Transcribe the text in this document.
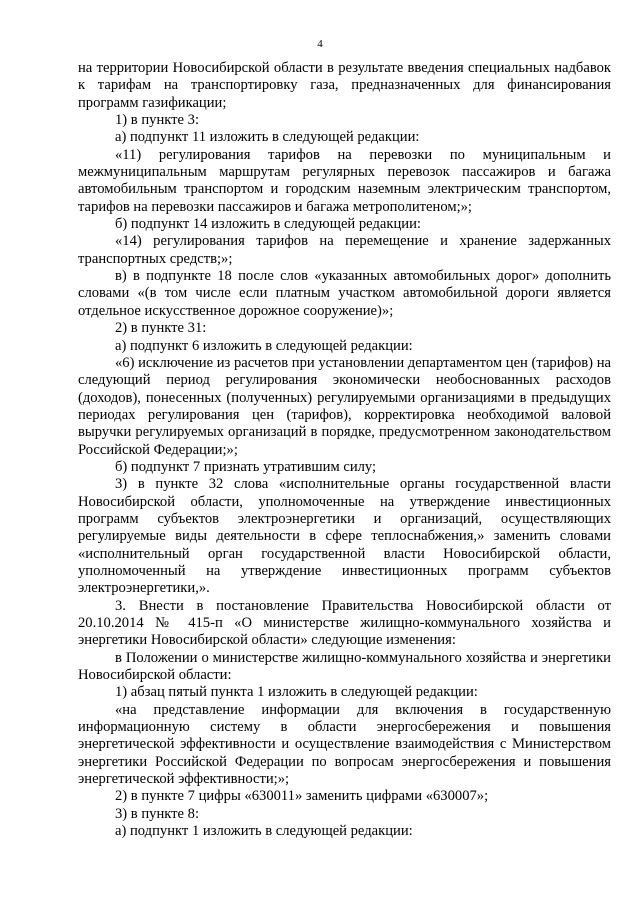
4

на территории Новосибирской области в результате введения специальных надбавок к тарифам на транспортировку газа, предназначенных для финансирования программ газификации;

1) в пункте 3:

а) подпункт 11 изложить в следующей редакции:

«11) регулирования тарифов на перевозки по муниципальным и межмуниципальным маршрутам регулярных перевозок пассажиров и багажа автомобильным транспортом и городским наземным электрическим транспортом, тарифов на перевозки пассажиров и багажа метрополитеном;»;

б) подпункт 14 изложить в следующей редакции:

«14) регулирования тарифов на перемещение и хранение задержанных транспортных средств;»;

в) в подпункте 18 после слов «указанных автомобильных дорог» дополнить словами «(в том числе если платным участком автомобильной дороги является отдельное искусственное дорожное сооружение)»;

2) в пункте 31:

а) подпункт 6 изложить в следующей редакции:

«6) исключение из расчетов при установлении департаментом цен (тарифов) на следующий период регулирования экономически необоснованных расходов (доходов), понесенных (полученных) регулируемыми организациями в предыдущих периодах регулирования цен (тарифов), корректировка необходимой валовой выручки регулируемых организаций в порядке, предусмотренном законодательством Российской Федерации;»;

б) подпункт 7 признать утратившим силу;

3) в пункте 32 слова «исполнительные органы государственной власти Новосибирской области, уполномоченные на утверждение инвестиционных программ субъектов электроэнергетики и организаций, осуществляющих регулируемые виды деятельности в сфере теплоснабжения,» заменить словами «исполнительный орган государственной власти Новосибирской области, уполномоченный на утверждение инвестиционных программ субъектов электроэнергетики,».

3. Внести в постановление Правительства Новосибирской области от 20.10.2014 № 415-п «О министерстве жилищно-коммунального хозяйства и энергетики Новосибирской области» следующие изменения:

в Положении о министерстве жилищно-коммунального хозяйства и энергетики Новосибирской области:

1) абзац пятый пункта 1 изложить в следующей редакции:

«на представление информации для включения в государственную информационную систему в области энергосбережения и повышения энергетической эффективности и осуществление взаимодействия с Министерством энергетики Российской Федерации по вопросам энергосбережения и повышения энергетической эффективности;»;

2) в пункте 7 цифры «630011» заменить цифрами «630007»;

3) в пункте 8:

а) подпункт 1 изложить в следующей редакции:
